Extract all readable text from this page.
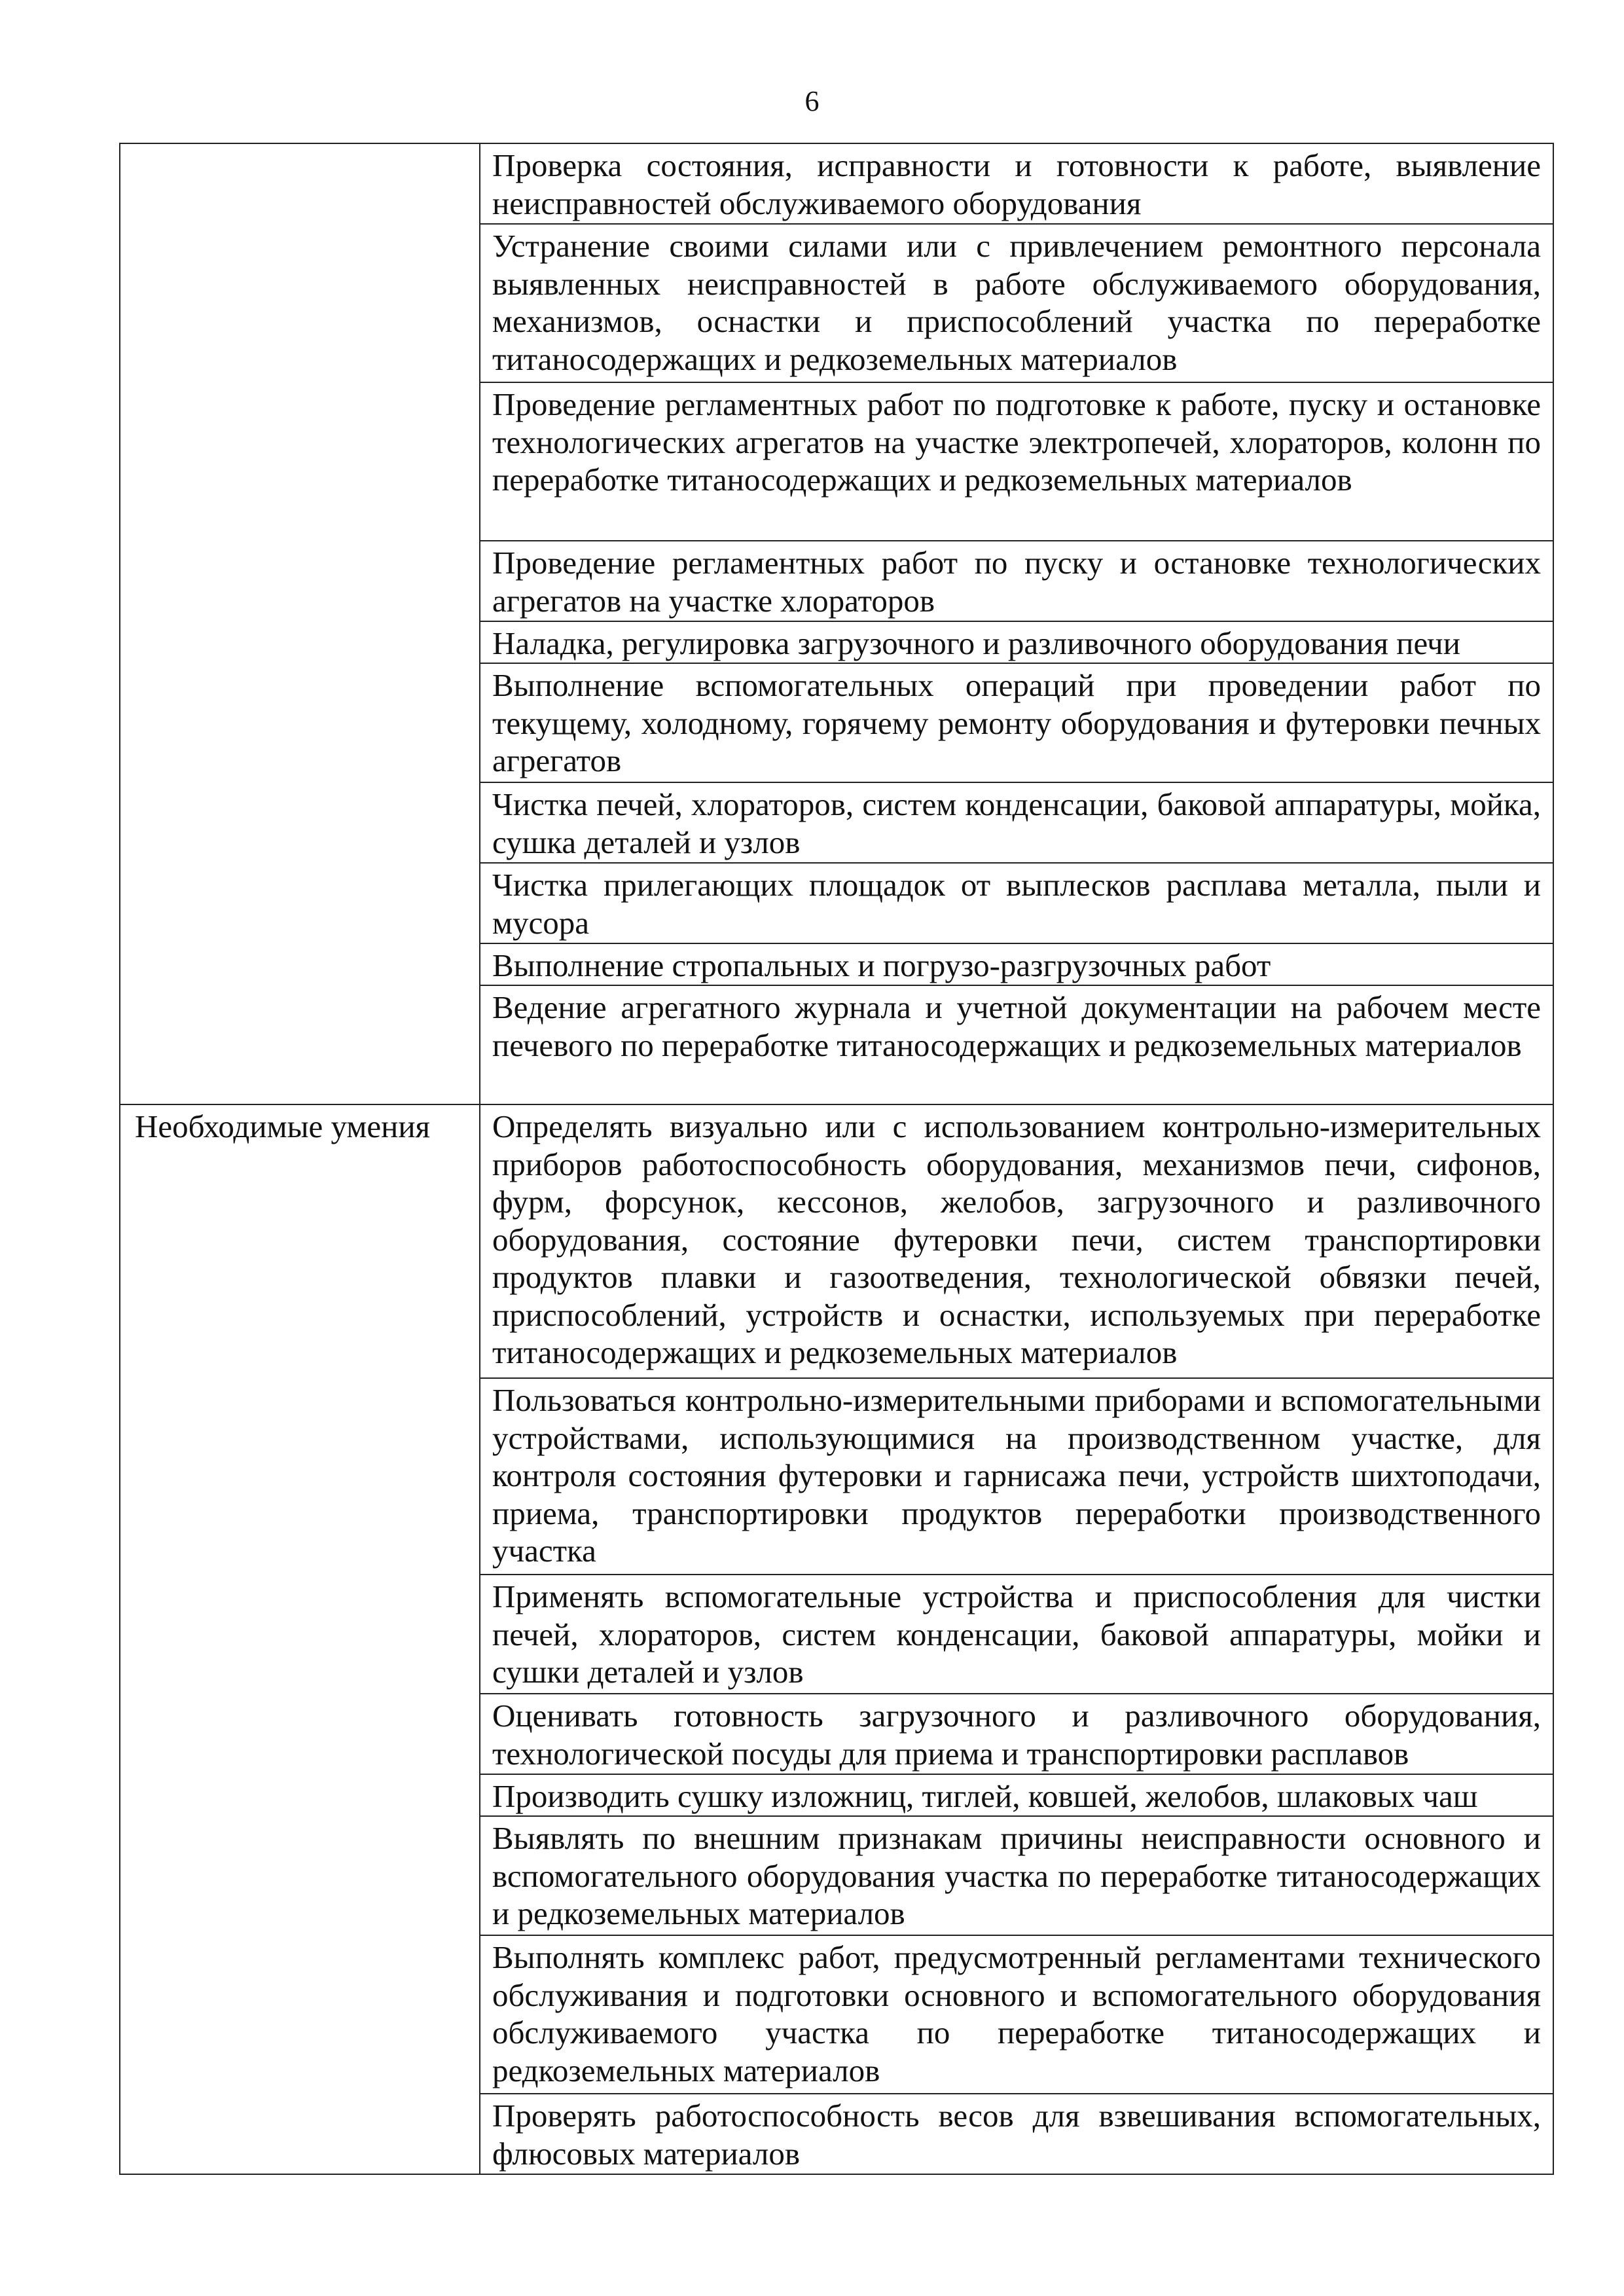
6
	Проверка состояния, исправности и готовности к работе, выявление неисправностей обслуживаемого оборудования
	Устранение своими силами или с привлечением ремонтного персонала выявленных неисправностей в работе обслуживаемого оборудования, механизмов, оснастки и приспособлений участка по переработке титаносодержащих и редкоземельных материалов
	Проведение регламентных работ по подготовке к работе, пуску и остановке технологических агрегатов на участке электропечей, хлораторов, колонн по переработке титаносодержащих и редкоземельных материалов
	Проведение регламентных работ по пуску и остановке технологических агрегатов на участке хлораторов
	Наладка, регулировка загрузочного и разливочного оборудования печи
	Выполнение вспомогательных операций при проведении работ по текущему, холодному, горячему ремонту оборудования и футеровки печных агрегатов
	Чистка печей, хлораторов, систем конденсации, баковой аппаратуры, мойка, сушка деталей и узлов
	Чистка прилегающих площадок от выплесков расплава металла, пыли и мусора
	Выполнение стропальных и погрузо-разгрузочных работ
	Ведение агрегатного журнала и учетной документации на рабочем месте печевого по переработке титаносодержащих и редкоземельных материалов
Необходимые умения	Определять визуально или с использованием контрольно-измерительных приборов работоспособность оборудования, механизмов печи, сифонов, фурм, форсунок, кессонов, желобов, загрузочного и разливочного оборудования, состояние футеровки печи, систем транспортировки продуктов плавки и газоотведения, технологической обвязки печей, приспособлений, устройств и оснастки, используемых при переработке титаносодержащих и редкоземельных материалов
	Пользоваться контрольно-измерительными приборами и вспомогательными устройствами, использующимися на производственном участке, для контроля состояния футеровки и гарнисажа печи, устройств шихтоподачи, приема, транспортировки продуктов переработки производственного участка
	Применять вспомогательные устройства и приспособления для чистки печей, хлораторов, систем конденсации, баковой аппаратуры, мойки и сушки деталей и узлов
	Оценивать готовность загрузочного и разливочного оборудования, технологической посуды для приема и транспортировки расплавов
	Производить сушку изложниц, тиглей, ковшей, желобов, шлаковых чаш
	Выявлять по внешним признакам причины неисправности основного и вспомогательного оборудования участка по переработке титаносодержащих и редкоземельных материалов
	Выполнять комплекс работ, предусмотренный регламентами технического обслуживания и подготовки основного и вспомогательного оборудования обслуживаемого участка по переработке титаносодержащих и редкоземельных материалов
	Проверять работоспособность весов для взвешивания вспомогательных, флюсовых материалов
